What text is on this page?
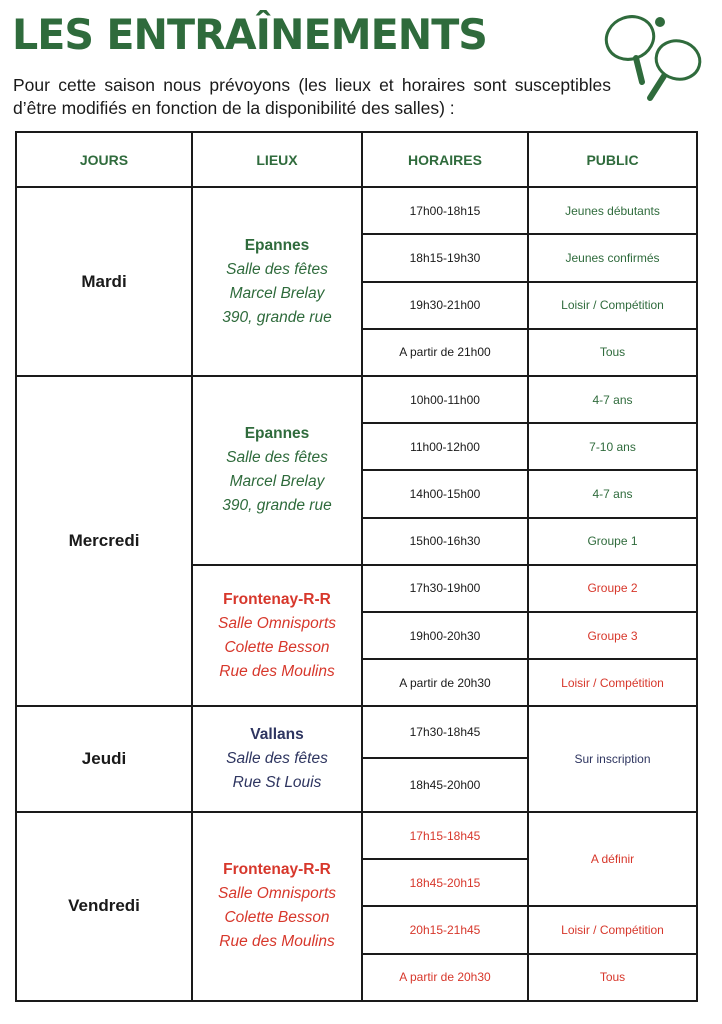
LES ENTRAÎNEMENTS
Pour cette saison nous prévoyons (les lieux et horaires sont susceptibles d’être modifiés en fonction de la disponibilité des salles) :
JOURS	LIEUX	HORAIRES	PUBLIC
Mardi	Epannes
Salle des fêtes
Marcel Brelay
390, grande rue	17h00-18h15	Jeunes débutants
		18h15-19h30	Jeunes confirmés
		19h30-21h00	Loisir / Compétition
		A partir de 21h00	Tous
Mercredi	Epannes
Salle des fêtes
Marcel Brelay
390, grande rue	10h00-11h00	4-7 ans
		11h00-12h00	7-10 ans
		14h00-15h00	4-7 ans
		15h00-16h30	Groupe 1

	Frontenay-R-R
Salle Omnisports
Colette Besson
Rue des Moulins	17h30-19h00	Groupe 2
		19h00-20h30	Groupe 3
		A partir de 20h30	Loisir / Compétition
Jeudi	Vallans
Salle des fêtes
Rue St Louis	17h30-18h45	Sur inscription
		18h45-20h00	
Vendredi	Frontenay-R-R
Salle Omnisports
Colette Besson
Rue des Moulins	17h15-18h45	A définir
		18h45-20h15	
		20h15-21h45	Loisir / Compétition
		A partir de 20h30	Tous
